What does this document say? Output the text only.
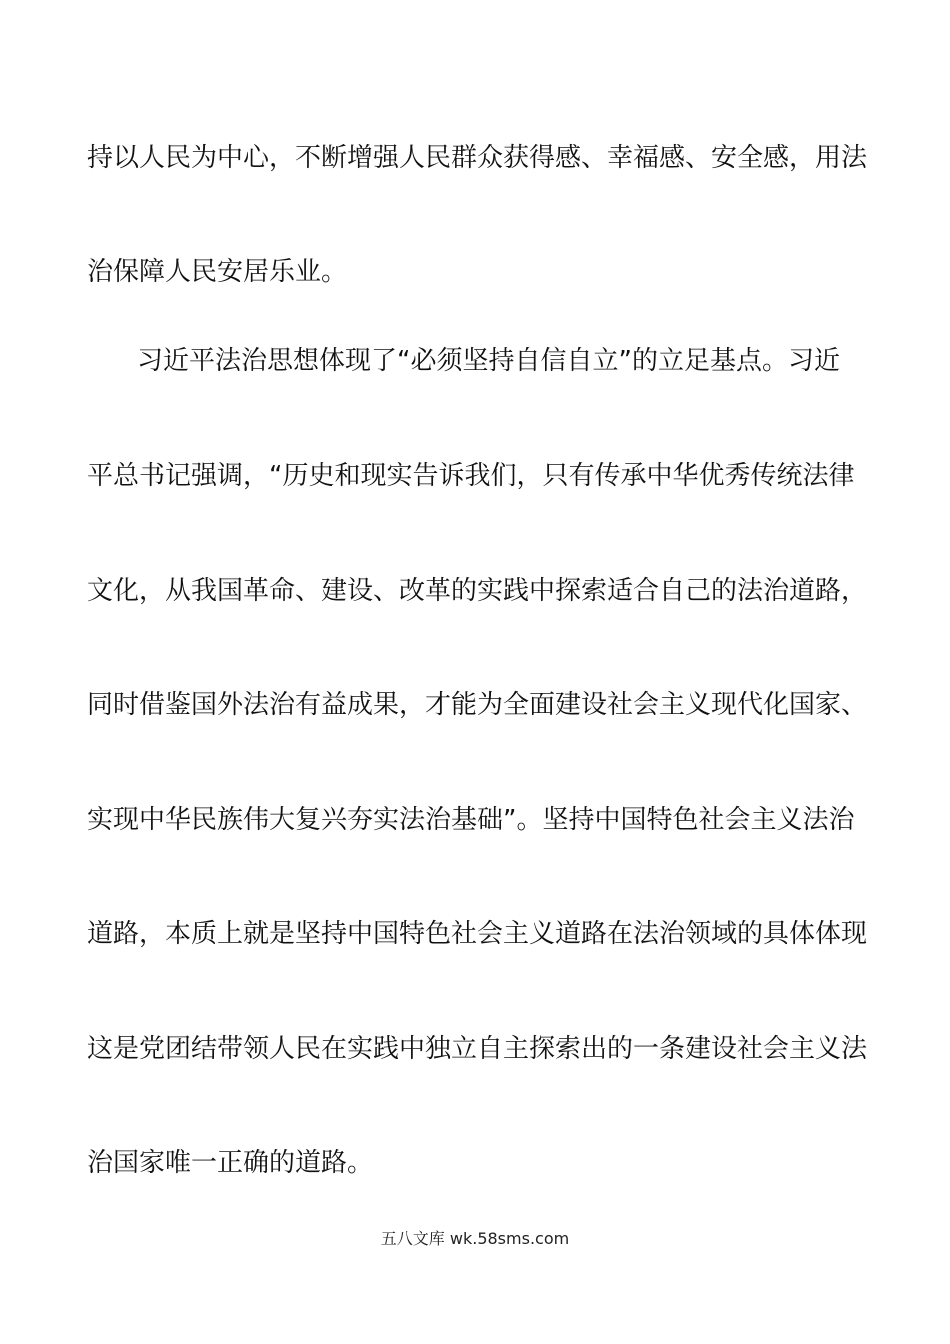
持以人民为中心，不断增强人民群众获得感、幸福感、安全感，用法
治保障人民安居乐业。
习近平法治思想体现了“必须坚持自信自立”的立足基点。习近
平总书记强调，“历史和现实告诉我们，只有传承中华优秀传统法律
文化，从我国革命、建设、改革的实践中探索适合自己的法治道路，
同时借鉴国外法治有益成果，才能为全面建设社会主义现代化国家、
实现中华民族伟大复兴夯实法治基础”。坚持中国特色社会主义法治
道路，本质上就是坚持中国特色社会主义道路在法治领域的具体体现
这是党团结带领人民在实践中独立自主探索出的一条建设社会主义法
治国家唯一正确的道路。
五八文库 wk.58sms.com
